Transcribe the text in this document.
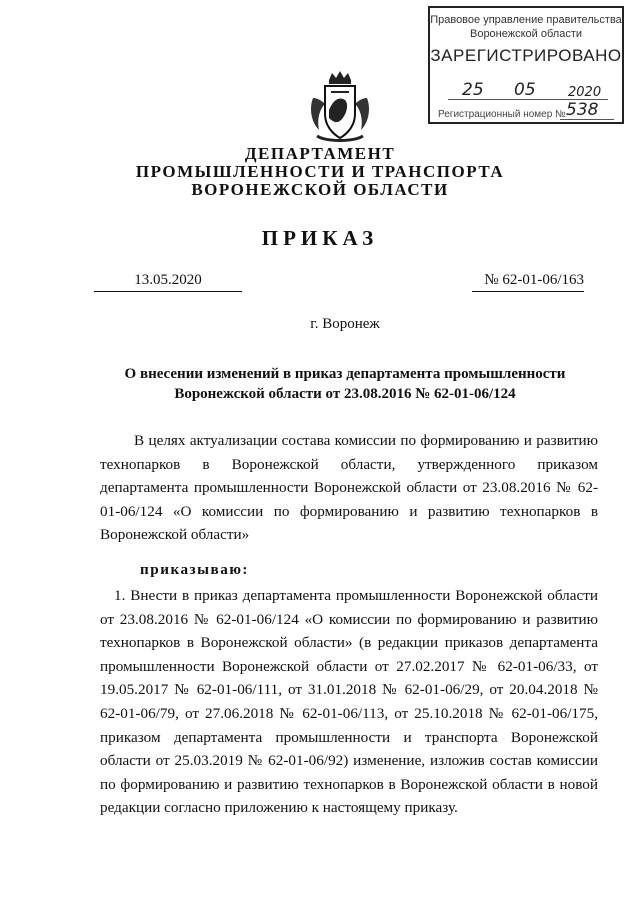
Правовое управление правительства
Воронежской области
ЗАРЕГИСТРИРОВАНО
25 05 2020
Регистрационный номер № 538
ДЕПАРТАМЕНТ
ПРОМЫШЛЕННОСТИ И ТРАНСПОРТА
ВОРОНЕЖСКОЙ ОБЛАСТИ
ПРИКАЗ
13.05.2020	№ 62-01-06/163
г. Воронеж
О внесении изменений в приказ департамента промышленности
Воронежской области от 23.08.2016 № 62-01-06/124
В целях актуализации состава комиссии по формированию и развитию технопарков в Воронежской области, утвержденного приказом департамента промышленности Воронежской области от 23.08.2016 № 62-01-06/124 «О комиссии по формированию и развитию технопарков в Воронежской области»
приказываю:
1. Внести в приказ департамента промышленности Воронежской области от 23.08.2016 № 62-01-06/124 «О комиссии по формированию и развитию технопарков в Воронежской области» (в редакции приказов департамента промышленности Воронежской области от 27.02.2017 № 62-01-06/33, от 19.05.2017 № 62-01-06/111, от 31.01.2018 № 62-01-06/29, от 20.04.2018 № 62-01-06/79, от 27.06.2018 № 62-01-06/113, от 25.10.2018 № 62-01-06/175, приказом департамента промышленности и транспорта Воронежской области от 25.03.2019 № 62-01-06/92) изменение, изложив состав комиссии по формированию и развитию технопарков в Воронежской области в новой редакции согласно приложению к настоящему приказу.
